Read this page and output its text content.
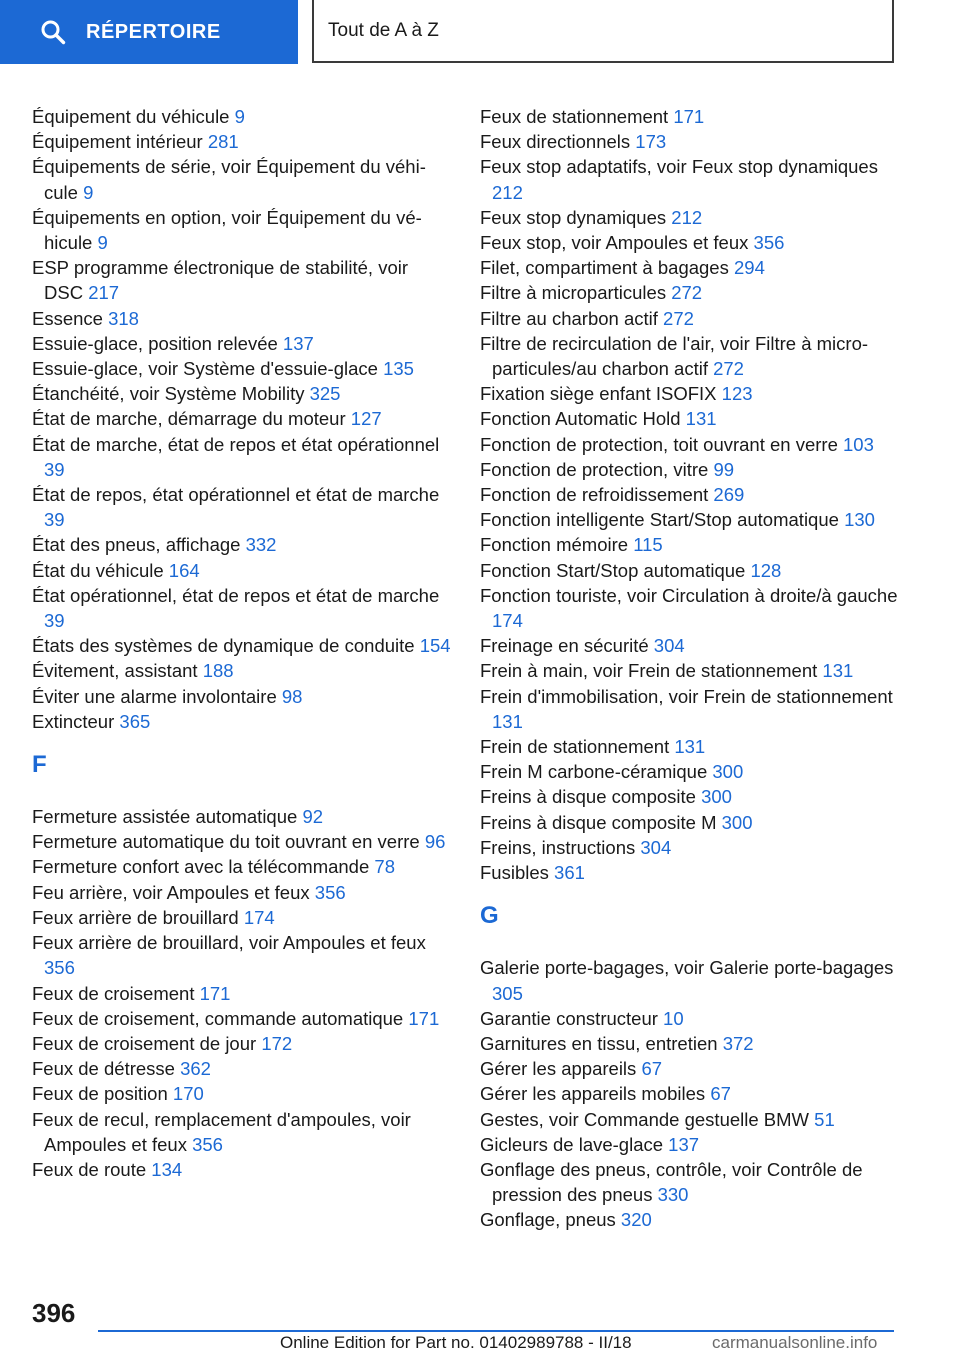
RÉPERTOIRE	Tout de A à Z
Équipement du véhicule 9
Équipement intérieur 281
Équipements de série, voir Équipement du véhicule 9
Équipements en option, voir Équipement du véhicule 9
ESP programme électronique de stabilité, voir DSC 217
Essence 318
Essuie-glace, position relevée 137
Essuie-glace, voir Système d'essuie-glace 135
Étanchéité, voir Système Mobility 325
État de marche, démarrage du moteur 127
État de marche, état de repos et état opérationnel 39
État de repos, état opérationnel et état de marche 39
État des pneus, affichage 332
État du véhicule 164
État opérationnel, état de repos et état de marche 39
États des systèmes de dynamique de conduite 154
Évitement, assistant 188
Éviter une alarme involontaire 98
Extincteur 365
F
Fermeture assistée automatique 92
Fermeture automatique du toit ouvrant en verre 96
Fermeture confort avec la télécommande 78
Feu arrière, voir Ampoules et feux 356
Feux arrière de brouillard 174
Feux arrière de brouillard, voir Ampoules et feux 356
Feux de croisement 171
Feux de croisement, commande automatique 171
Feux de croisement de jour 172
Feux de détresse 362
Feux de position 170
Feux de recul, remplacement d'ampoules, voir Ampoules et feux 356
Feux de route 134
Feux de stationnement 171
Feux directionnels 173
Feux stop adaptatifs, voir Feux stop dynamiques 212
Feux stop dynamiques 212
Feux stop, voir Ampoules et feux 356
Filet, compartiment à bagages 294
Filtre à microparticules 272
Filtre au charbon actif 272
Filtre de recirculation de l'air, voir Filtre à microparticules/au charbon actif 272
Fixation siège enfant ISOFIX 123
Fonction Automatic Hold 131
Fonction de protection, toit ouvrant en verre 103
Fonction de protection, vitre 99
Fonction de refroidissement 269
Fonction intelligente Start/Stop automatique 130
Fonction mémoire 115
Fonction Start/Stop automatique 128
Fonction touriste, voir Circulation à droite/à gauche 174
Freinage en sécurité 304
Frein à main, voir Frein de stationnement 131
Frein d'immobilisation, voir Frein de stationnement 131
Frein de stationnement 131
Frein M carbone-céramique 300
Freins à disque composite 300
Freins à disque composite M 300
Freins, instructions 304
Fusibles 361
G
Galerie porte-bagages, voir Galerie porte-bagages 305
Garantie constructeur 10
Garnitures en tissu, entretien 372
Gérer les appareils 67
Gérer les appareils mobiles 67
Gestes, voir Commande gestuelle BMW 51
Gicleurs de lave-glace 137
Gonflage des pneus, contrôle, voir Contrôle de pression des pneus 330
Gonflage, pneus 320
396
Online Edition for Part no. 01402989788 - II/18	carmanualsonline.info
